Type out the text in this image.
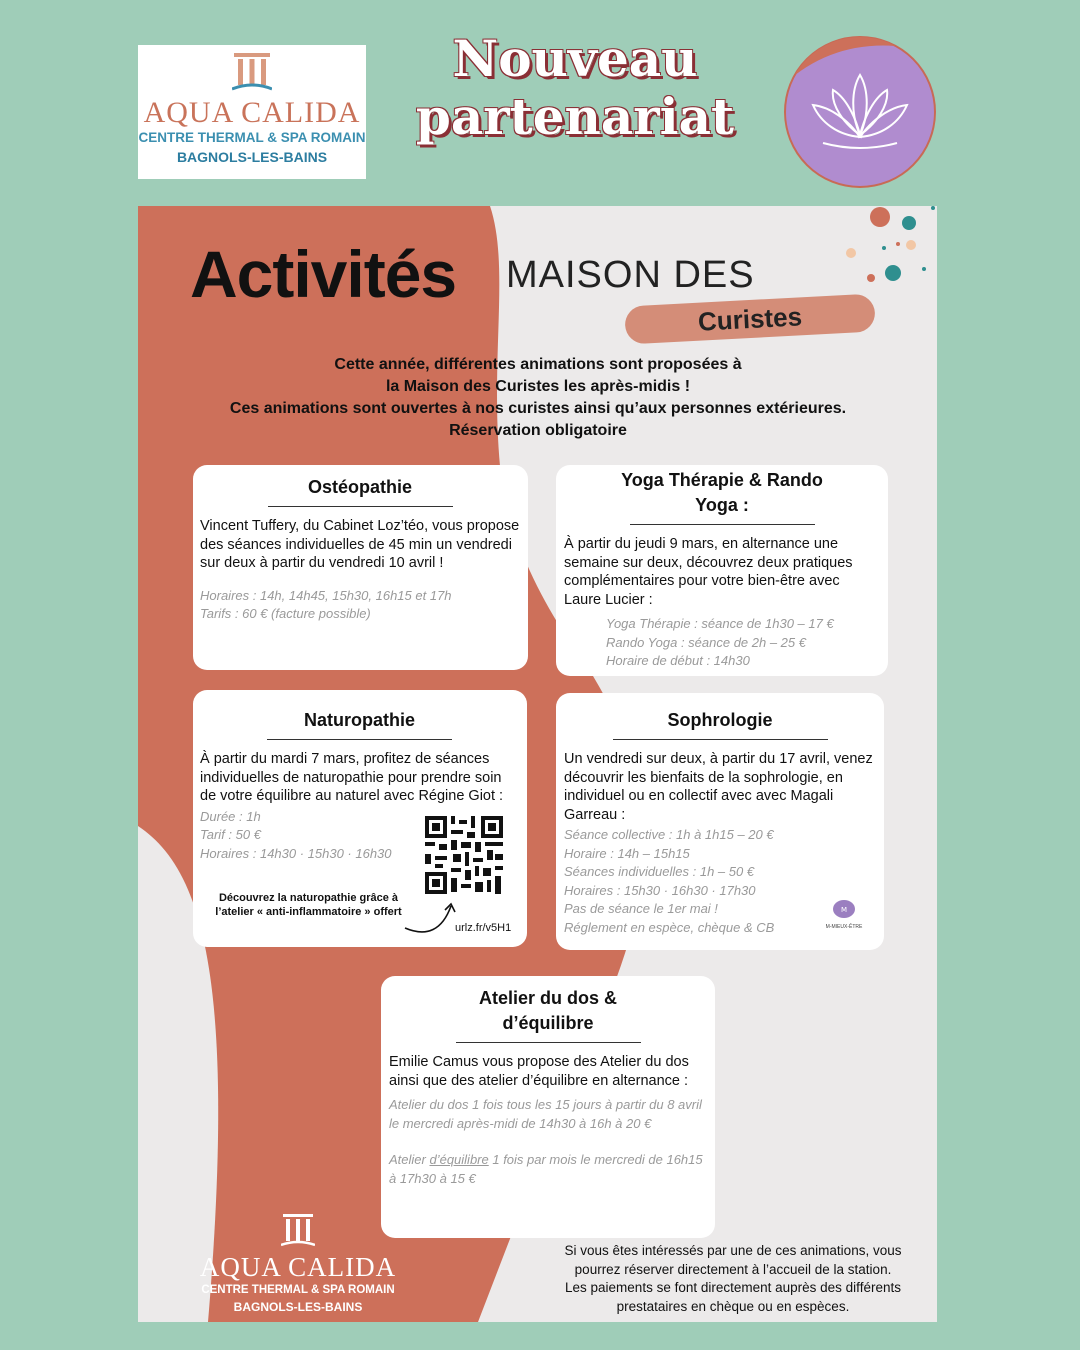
AQUA CALIDA
CENTRE THERMAL & SPA ROMAIN
BAGNOLS-LES-BAINS
Nouveau
partenariat
Activités MAISON DES
Curistes
Cette année, différentes animations sont proposées à
la Maison des Curistes les après-midis !
Ces animations sont ouvertes à nos curistes ainsi qu’aux personnes extérieures.
Réservation obligatoire
Ostéopathie
Vincent Tuffery, du Cabinet Loz’téo, vous propose des séances individuelles de 45 min un vendredi sur deux à partir du vendredi 10 avril !
Horaires : 14h, 14h45, 15h30, 16h15 et 17h
Tarifs : 60 € (facture possible)
Yoga Thérapie & Rando
Yoga :
À partir du jeudi 9 mars, en alternance une semaine sur deux, découvrez deux pratiques complémentaires pour votre bien-être avec Laure Lucier :
Yoga Thérapie : séance de 1h30 – 17 €
Rando Yoga : séance de 2h – 25 €
Horaire de début : 14h30
Naturopathie
À partir du mardi 7 mars, profitez de séances individuelles de naturopathie pour prendre soin de votre équilibre au naturel avec Régine Giot :
Durée : 1h
Tarif : 50 €
Horaires : 14h30 · 15h30 · 16h30
Découvrez la naturopathie grâce à
l’atelier « anti-inflammatoire » offert
urlz.fr/v5H1
Sophrologie
Un vendredi sur deux, à partir du 17 avril, venez découvrir les bienfaits de la sophrologie, en individuel ou en collectif avec avec Magali Garreau :
Séance collective : 1h à 1h15 – 20 €
Horaire : 14h – 15h15
Séances individuelles : 1h – 50 €
Horaires : 15h30 · 16h30 · 17h30
Pas de séance le 1er mai !
Réglement en espèce, chèque & CB
M
M-MIEUX-ÊTRE
Atelier du dos &
d’équilibre
Emilie Camus vous propose des Atelier du dos ainsi que des atelier d’équilibre en alternance :
Atelier du dos 1 fois tous les 15 jours à partir du 8 avril le mercredi après-midi de 14h30 à 16h à 20 €
Atelier d’équilibre 1 fois par mois le mercredi de 16h15 à 17h30 à 15 €
AQUA CALIDA
CENTRE THERMAL & SPA ROMAIN
BAGNOLS-LES-BAINS
Si vous êtes intéressés par une de ces animations, vous
pourrez réserver directement à l’accueil de la station.
Les paiements se font directement auprès des différents
prestataires en chèque ou en espèces.
